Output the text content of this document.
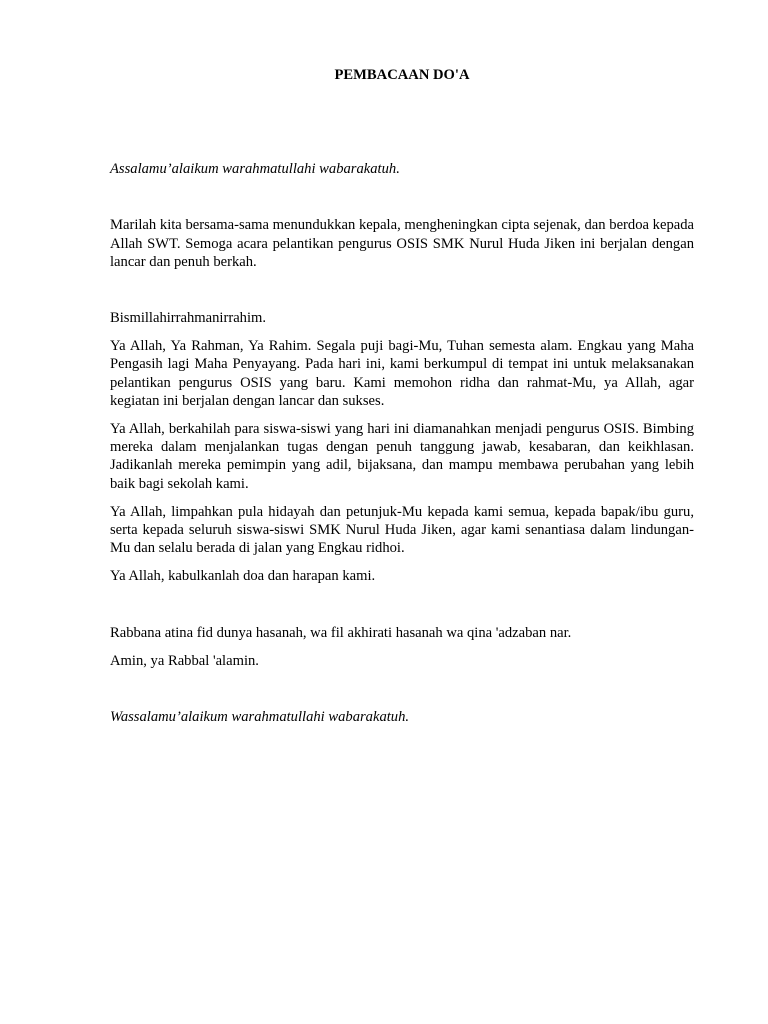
PEMBACAAN DO'A

Assalamu’alaikum warahmatullahi wabarakatuh.

Marilah kita bersama-sama menundukkan kepala, mengheningkan cipta sejenak, dan berdoa kepada Allah SWT. Semoga acara pelantikan pengurus OSIS SMK Nurul Huda Jiken ini berjalan dengan lancar dan penuh berkah.

Bismillahirrahmanirrahim.

Ya Allah, Ya Rahman, Ya Rahim. Segala puji bagi-Mu, Tuhan semesta alam. Engkau yang Maha Pengasih lagi Maha Penyayang. Pada hari ini, kami berkumpul di tempat ini untuk melaksanakan pelantikan pengurus OSIS yang baru. Kami memohon ridha dan rahmat-Mu, ya Allah, agar kegiatan ini berjalan dengan lancar dan sukses.

Ya Allah, berkahilah para siswa-siswi yang hari ini diamanahkan menjadi pengurus OSIS. Bimbing mereka dalam menjalankan tugas dengan penuh tanggung jawab, kesabaran, dan keikhlasan. Jadikanlah mereka pemimpin yang adil, bijaksana, dan mampu membawa perubahan yang lebih baik bagi sekolah kami.

Ya Allah, limpahkan pula hidayah dan petunjuk-Mu kepada kami semua, kepada bapak/ibu guru, serta kepada seluruh siswa-siswi SMK Nurul Huda Jiken, agar kami senantiasa dalam lindungan-Mu dan selalu berada di jalan yang Engkau ridhoi.

Ya Allah, kabulkanlah doa dan harapan kami.

Rabbana atina fid dunya hasanah, wa fil akhirati hasanah wa qina 'adzaban nar.

Amin, ya Rabbal 'alamin.

Wassalamu’alaikum warahmatullahi wabarakatuh.
